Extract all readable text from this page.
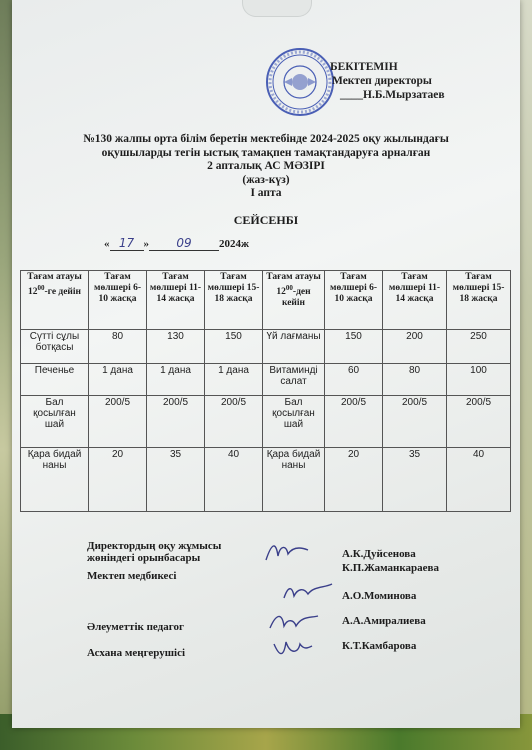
БЕКІТЕМІН
Мектеп директоры
____Н.Б.Мырзатаев
№130 жалпы орта білім беретін мектебінде 2024-2025 оқу жылындағы
оқушыларды тегін ыстық тамақпен тамақтандаруға арналған
2 апталық АС МӘЗІРІ
(жаз-күз)
I апта
СЕЙСЕНБІ
« 17 » 09 2024ж
Тағам атауы $12^{00}-ге$ дейін	Тағам мөлшері 6-10 жасқа	Тағам мөлшері 11-14 жасқа	Тағам мөлшері 15-18 жасқа	Тағам атауы $12^{00}$-ден кейін	Тағам мөлшері 6-10 жасқа	Тағам мөлшері 11-14 жасқа	Тағам мөлшері 15-18 жасқа
Сүтті сұлы ботқасы	80	130	150	Үй лағманы	150	200	250
Печенье	1 дана	1 дана	1 дана	Витаминді салат	60	80	100
Бал қосылған шай	200/5	200/5	200/5	Бал қосылған шай	200/5	200/5	200/5
Қара бидай наны	20	35	40	Қара бидай наны	20	35	40
Директордың оқу жұмысы
жөніндегі орынбасары
Мектеп медбикесі
Әлеуметтік педагог
Асхана меңгерушісі
А.К.Дуйсенова
К.П.Жаманкараева
А.О.Моминова
А.А.Амиралиева
К.Т.Камбарова
